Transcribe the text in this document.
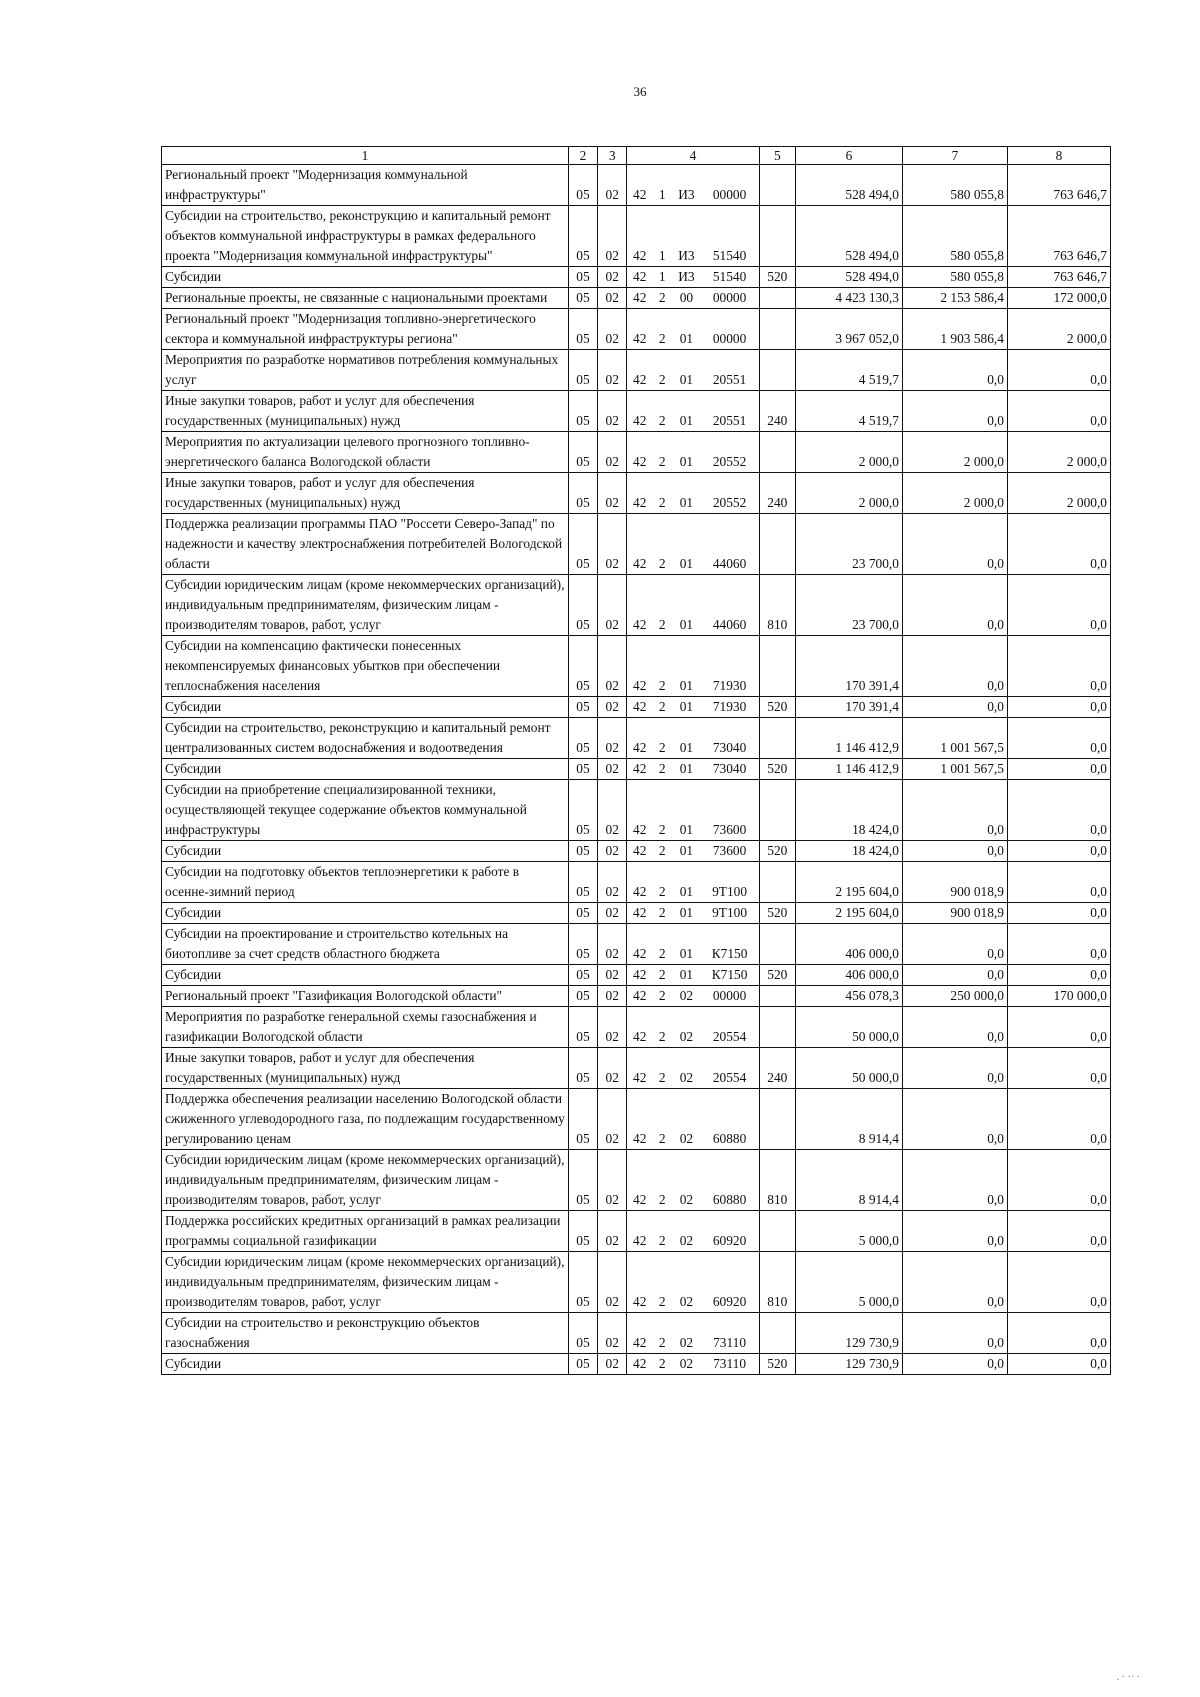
36
1	2	3	4				5	6	7	8
Региональный проект "Модернизация коммунальной инфраструктуры"	05	02	42	1	И3	00000		528 494,0	580 055,8	763 646,7
Субсидии на строительство, реконструкцию и капитальный ремонт объектов коммунальной инфраструктуры в рамках федерального проекта "Модернизация коммунальной инфраструктуры"	05	02	42	1	И3	51540		528 494,0	580 055,8	763 646,7
Субсидии	05	02	42	1	И3	51540	520	528 494,0	580 055,8	763 646,7
Региональные проекты, не связанные с национальными проектами	05	02	42	2	00	00000		4 423 130,3	2 153 586,4	172 000,0
Региональный проект "Модернизация топливно-энергетического сектора и коммунальной инфраструктуры региона"	05	02	42	2	01	00000		3 967 052,0	1 903 586,4	2 000,0
Мероприятия по разработке нормативов потребления коммунальных услуг	05	02	42	2	01	20551		4 519,7	0,0	0,0
Иные закупки товаров, работ и услуг для обеспечения государственных (муниципальных) нужд	05	02	42	2	01	20551	240	4 519,7	0,0	0,0
Мероприятия по актуализации целевого прогнозного топливно-энергетического баланса Вологодской области	05	02	42	2	01	20552		2 000,0	2 000,0	2 000,0
Иные закупки товаров, работ и услуг для обеспечения государственных (муниципальных) нужд	05	02	42	2	01	20552	240	2 000,0	2 000,0	2 000,0
Поддержка реализации программы ПАО "Россети Северо-Запад" по надежности и качеству электроснабжения потребителей Вологодской области	05	02	42	2	01	44060		23 700,0	0,0	0,0
Субсидии юридическим лицам (кроме некоммерческих организаций), индивидуальным предпринимателям, физическим лицам - производителям товаров, работ, услуг	05	02	42	2	01	44060	810	23 700,0	0,0	0,0
Субсидии на компенсацию фактически понесенных некомпенсируемых финансовых убытков при обеспечении теплоснабжения населения	05	02	42	2	01	71930		170 391,4	0,0	0,0
Субсидии	05	02	42	2	01	71930	520	170 391,4	0,0	0,0
Субсидии на строительство, реконструкцию и капитальный ремонт централизованных систем водоснабжения и водоотведения	05	02	42	2	01	73040		1 146 412,9	1 001 567,5	0,0
Субсидии	05	02	42	2	01	73040	520	1 146 412,9	1 001 567,5	0,0
Субсидии на приобретение специализированной техники, осуществляющей текущее содержание объектов коммунальной инфраструктуры	05	02	42	2	01	73600		18 424,0	0,0	0,0
Субсидии	05	02	42	2	01	73600	520	18 424,0	0,0	0,0
Субсидии на подготовку объектов теплоэнергетики к работе в осенне-зимний период	05	02	42	2	01	9Т100		2 195 604,0	900 018,9	0,0
Субсидии	05	02	42	2	01	9Т100	520	2 195 604,0	900 018,9	0,0
Субсидии на проектирование и строительство котельных на биотопливе за счет средств областного бюджета	05	02	42	2	01	К7150		406 000,0	0,0	0,0
Субсидии	05	02	42	2	01	К7150	520	406 000,0	0,0	0,0
Региональный проект "Газификация Вологодской области"	05	02	42	2	02	00000		456 078,3	250 000,0	170 000,0
Мероприятия по разработке генеральной схемы газоснабжения и газификации Вологодской области	05	02	42	2	02	20554		50 000,0	0,0	0,0
Иные закупки товаров, работ и услуг для обеспечения государственных (муниципальных) нужд	05	02	42	2	02	20554	240	50 000,0	0,0	0,0
Поддержка обеспечения реализации населению Вологодской области сжиженного углеводородного газа, по подлежащим государственному регулированию ценам	05	02	42	2	02	60880		8 914,4	0,0	0,0
Субсидии юридическим лицам (кроме некоммерческих организаций), индивидуальным предпринимателям, физическим лицам - производителям товаров, работ, услуг	05	02	42	2	02	60880	810	8 914,4	0,0	0,0
Поддержка российских кредитных организаций в рамках реализации программы социальной газификации	05	02	42	2	02	60920		5 000,0	0,0	0,0
Субсидии юридическим лицам (кроме некоммерческих организаций), индивидуальным предпринимателям, физическим лицам - производителям товаров, работ, услуг	05	02	42	2	02	60920	810	5 000,0	0,0	0,0
Субсидии на строительство и реконструкцию объектов газоснабжения	05	02	42	2	02	73110		129 730,9	0,0	0,0
Субсидии	05	02	42	2	02	73110	520	129 730,9	0,0	0,0
. · ·· ·
